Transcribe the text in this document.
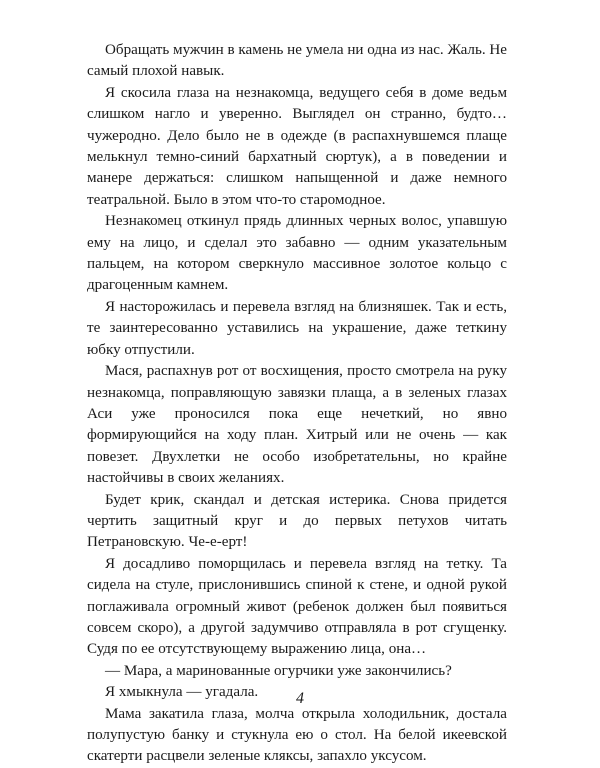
Обращать мужчин в камень не умела ни одна из нас. Жаль. Не самый плохой навык.

Я скосила глаза на незнакомца, ведущего себя в доме ведьм слишком нагло и уверенно. Выглядел он странно, будто… чужеродно. Дело было не в одежде (в распахнувшемся плаще мелькнул темно-синий бархатный сюртук), а в поведении и манере держаться: слишком напыщенной и даже немного театральной. Было в этом что-то старомодное.

Незнакомец откинул прядь длинных черных волос, упавшую ему на лицо, и сделал это забавно — одним указательным пальцем, на котором сверкнуло массивное золотое кольцо с драгоценным камнем.

Я насторожилась и перевела взгляд на близняшек. Так и есть, те заинтересованно уставились на украшение, даже теткину юбку отпустили.

Мася, распахнув рот от восхищения, просто смотрела на руку незнакомца, поправляющую завязки плаща, а в зеленых глазах Аси уже проносился пока еще нечеткий, но явно формирующийся на ходу план. Хитрый или не очень — как повезет. Двухлетки не особо изобретательны, но крайне настойчивы в своих желаниях.

Будет крик, скандал и детская истерика. Снова придется чертить защитный круг и до первых петухов читать Петрановскую. Че-е-ерт!

Я досадливо поморщилась и перевела взгляд на тетку. Та сидела на стуле, прислонившись спиной к стене, и одной рукой поглаживала огромный живот (ребенок должен был появиться совсем скоро), а другой задумчиво отправляла в рот сгущенку. Судя по ее отсутствующему выражению лица, она…

— Мара, а маринованные огурчики уже закончились?

Я хмыкнула — угадала.

Мама закатила глаза, молча открыла холодильник, достала полупустую банку и стукнула ею о стол. На белой икеевской скатерти расцвели зеленые кляксы, запахло уксусом.

4
